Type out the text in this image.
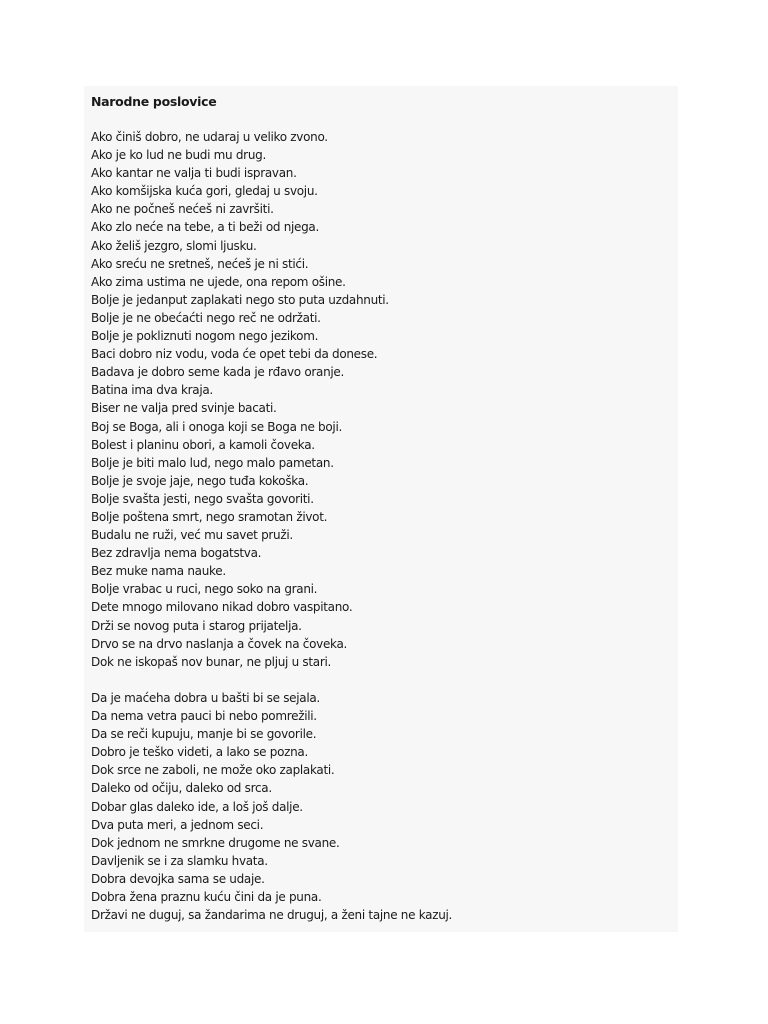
Narodne poslovice
Ako činiš dobro, ne udaraj u veliko zvono.
Ako je ko lud ne budi mu drug.
Ako kantar ne valja ti budi ispravan.
Ako komšijska kuća gori, gledaj u svoju.
Ako ne počneš nećeš ni završiti.
Ako zlo neće na tebe, a ti beži od njega.
Ako želiš jezgro, slomi ljusku.
Ako sreću ne sretneš, nećeš je ni stići.
Ako zima ustima ne ujede, ona repom ošine.
Bolje je jedanput zaplakati nego sto puta uzdahnuti.
Bolje je ne obećaćti nego reč ne održati.
Bolje je pokliznuti nogom nego jezikom.
Baci dobro niz vodu, voda će opet tebi da donese.
Badava je dobro seme kada je rđavo oranje.
Batina ima dva kraja.
Biser ne valja pred svinje bacati.
Boj se Boga, ali i onoga koji se Boga ne boji.
Bolest i planinu obori, a kamoli čoveka.
Bolje je biti malo lud, nego malo pametan.
Bolje je svoje jaje, nego tuđa kokoška.
Bolje svašta jesti, nego svašta govoriti.
Bolje poštena smrt, nego sramotan život.
Budalu ne ruži, već mu savet pruži.
Bez zdravlja nema bogatstva.
Bez muke nama nauke.
Bolje vrabac u ruci, nego soko na grani.
Dete mnogo milovano nikad dobro vaspitano.
Drži se novog puta i starog prijatelja.
Drvo se na drvo naslanja a čovek na čoveka.
Dok ne iskopaš nov bunar, ne pljuj u stari.
Da je maćeha dobra u bašti bi se sejala.
Da nema vetra pauci bi nebo pomrežili.
Da se reči kupuju, manje bi se govorile.
Dobro je teško videti, a lako se pozna.
Dok srce ne zaboli, ne može oko zaplakati.
Daleko od očiju, daleko od srca.
Dobar glas daleko ide, a loš još dalje.
Dva puta meri, a jednom seci.
Dok jednom ne smrkne drugome ne svane.
Davljenik se i za slamku hvata.
Dobra devojka sama se udaje.
Dobra žena praznu kuću čini da je puna.
Državi ne duguj, sa žandarima ne druguj, a ženi tajne ne kazuj.
